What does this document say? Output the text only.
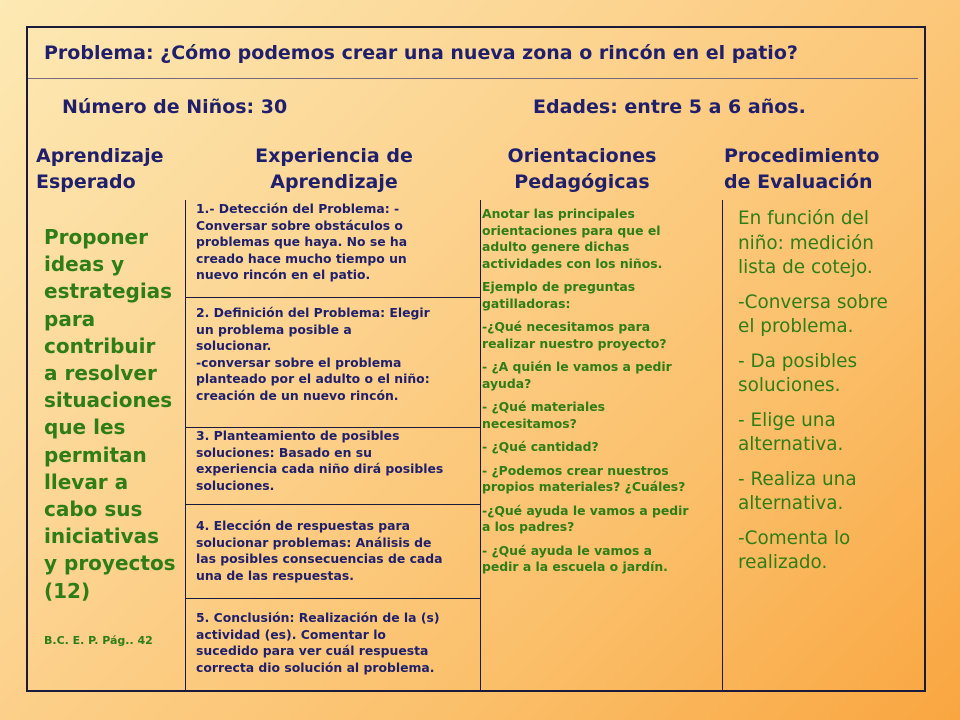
Problema: ¿Cómo podemos crear una nueva zona o rincón en el patio?
Número de Niños: 30	Edades: entre 5 a 6 años.
Aprendizaje
Esperado
Experiencia de
Aprendizaje
Orientaciones
Pedagógicas
Procedimiento
de Evaluación
Proponer
ideas y
estrategias
para
contribuir
a resolver
situaciones
que les
permitan
llevar a
cabo sus
iniciativas
y proyectos
(12)
B.C. E. P. Pág.. 42
1.- Detección del Problema: -
Conversar sobre obstáculos o
problemas que haya. No se ha
creado hace mucho tiempo un
nuevo rincón en el patio.
2. Definición del Problema: Elegir
un problema posible a
solucionar.
-conversar sobre el problema
planteado por el adulto o el niño:
creación de un nuevo rincón.
3. Planteamiento de posibles
soluciones: Basado en su
experiencia cada niño dirá posibles
soluciones.
4. Elección de respuestas para
solucionar problemas: Análisis de
las posibles consecuencias de cada
una de las respuestas.
5. Conclusión: Realización de la (s)
actividad (es). Comentar lo
sucedido para ver cuál respuesta
correcta dio solución al problema.

Anotar las principales
orientaciones para que el
adulto genere dichas
actividades con los niños.

Ejemplo de preguntas
gatilladoras:

-¿Qué necesitamos para
realizar nuestro proyecto?

- ¿A quién le vamos a pedir
ayuda?

- ¿Qué materiales
necesitamos?

- ¿Qué cantidad?

- ¿Podemos crear nuestros
propios materiales? ¿Cuáles?

-¿Qué ayuda le vamos a pedir
a los padres?

- ¿Qué ayuda le vamos a
pedir a la escuela o jardín.

En función del
niño: medición
lista de cotejo.

-Conversa sobre
el problema.

- Da posibles
soluciones.

- Elige una
alternativa.

- Realiza una
alternativa.

-Comenta lo
realizado.
